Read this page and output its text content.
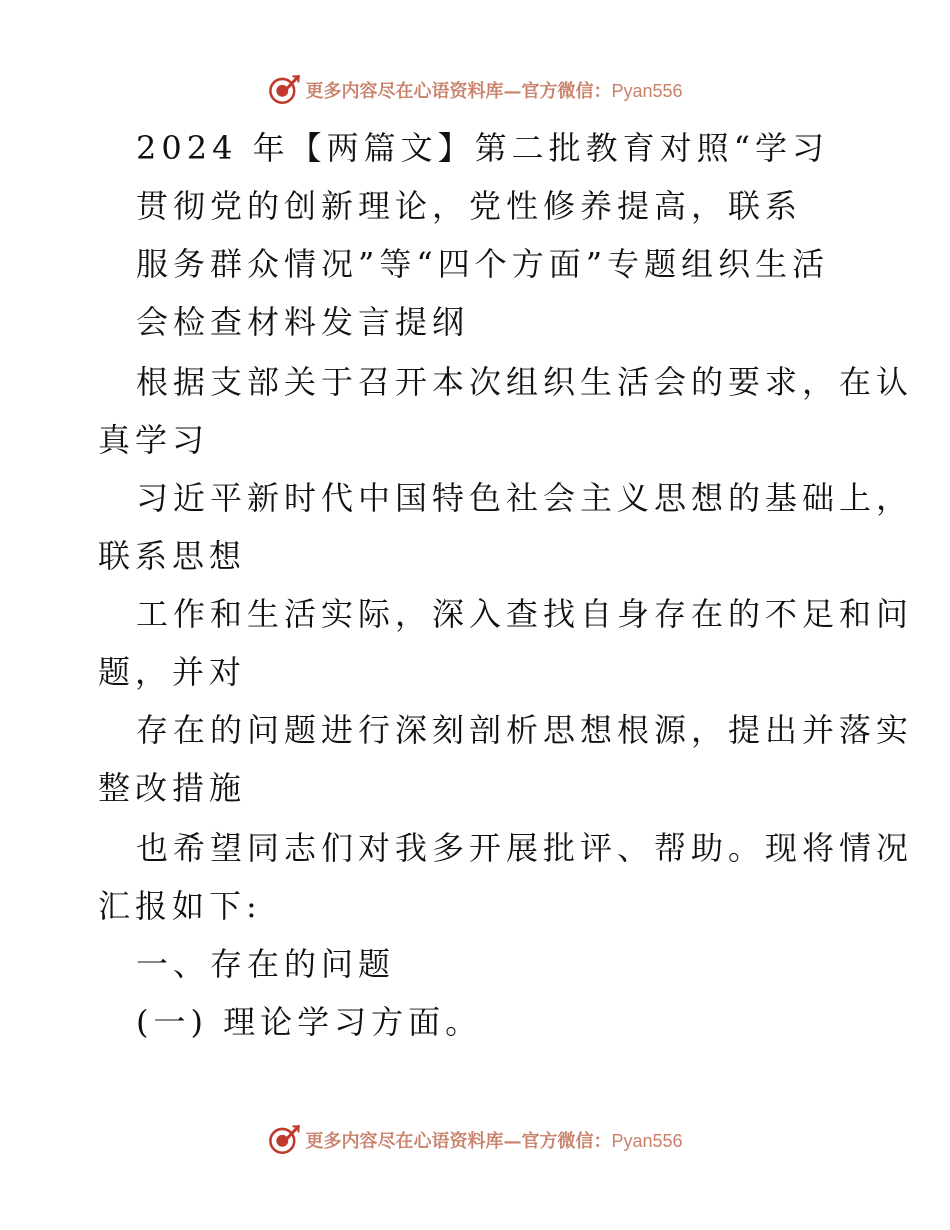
更多内容尽在心语资料库—官方微信：Pyan556
2024 年【两篇文】第二批教育对照“学习
贯彻党的创新理论，党性修养提高，联系
服务群众情况”等“四个方面”专题组织生活
会检查材料发言提纲
根据支部关于召开本次组织生活会的要求，在认
真学习
习近平新时代中国特色社会主义思想的基础上，
联系思想
工作和生活实际，深入查找自身存在的不足和问
题，并对
存在的问题进行深刻剖析思想根源，提出并落实
整改措施
也希望同志们对我多开展批评、帮助。现将情况
汇报如下:
一、存在的问题
(一) 理论学习方面。
更多内容尽在心语资料库—官方微信：Pyan556
